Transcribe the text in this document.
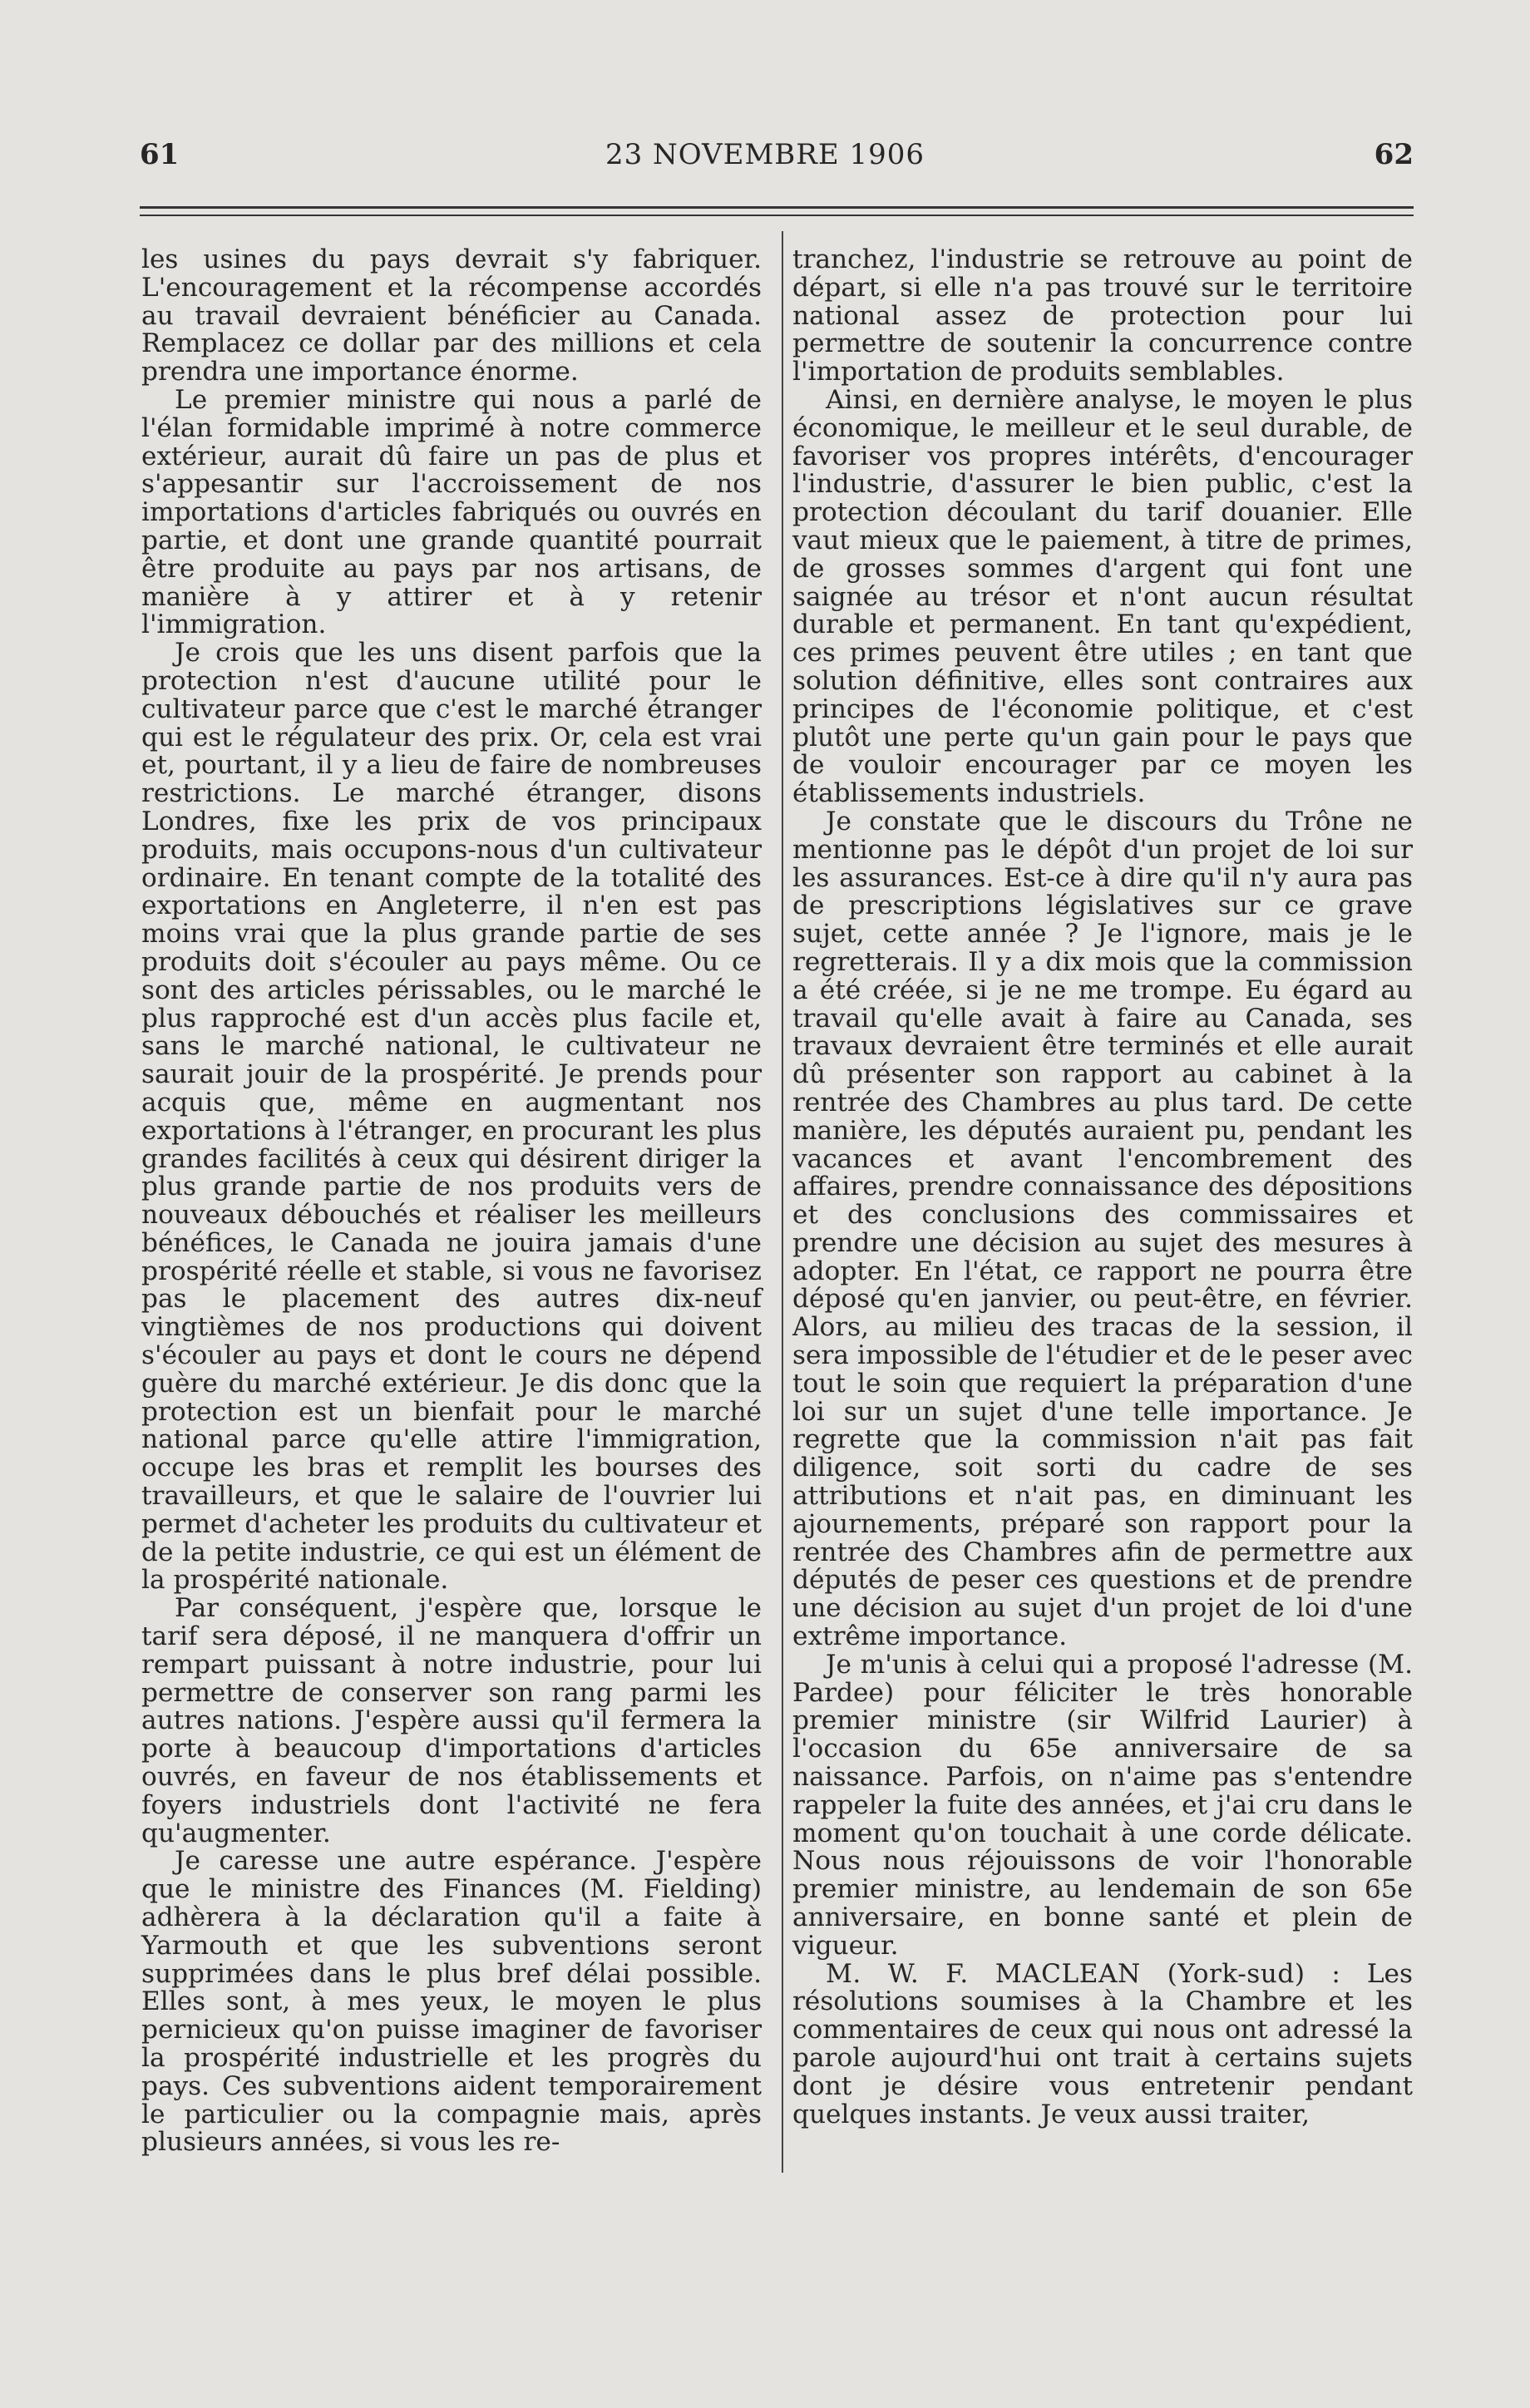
61	23 NOVEMBRE 1906	62

les usines du pays devrait s'y fabriquer. L'encouragement et la récompense accordés au travail devraient bénéficier au Canada. Remplacez ce dollar par des millions et cela prendra une importance énorme.

Le premier ministre qui nous a parlé de l'élan formidable imprimé à notre commerce extérieur, aurait dû faire un pas de plus et s'appesantir sur l'accroissement de nos importations d'articles fabriqués ou ouvrés en partie, et dont une grande quantité pourrait être produite au pays par nos artisans, de manière à y attirer et à y retenir l'immigration.

Je crois que les uns disent parfois que la protection n'est d'aucune utilité pour le cultivateur parce que c'est le marché étranger qui est le régulateur des prix. Or, cela est vrai et, pourtant, il y a lieu de faire de nombreuses restrictions. Le marché étranger, disons Londres, fixe les prix de vos principaux produits, mais occupons-nous d'un cultivateur ordinaire. En tenant compte de la totalité des exportations en Angleterre, il n'en est pas moins vrai que la plus grande partie de ses produits doit s'écouler au pays même. Ou ce sont des articles périssables, ou le marché le plus rapproché est d'un accès plus facile et, sans le marché national, le cultivateur ne saurait jouir de la prospérité. Je prends pour acquis que, même en augmentant nos exportations à l'étranger, en procurant les plus grandes facilités à ceux qui désirent diriger la plus grande partie de nos produits vers de nouveaux débouchés et réaliser les meilleurs bénéfices, le Canada ne jouira jamais d'une prospérité réelle et stable, si vous ne favorisez pas le placement des autres dix-neuf vingtièmes de nos productions qui doivent s'écouler au pays et dont le cours ne dépend guère du marché extérieur. Je dis donc que la protection est un bienfait pour le marché national parce qu'elle attire l'immigration, occupe les bras et remplit les bourses des travailleurs, et que le salaire de l'ouvrier lui permet d'acheter les produits du cultivateur et de la petite industrie, ce qui est un élément de la prospérité nationale.

Par conséquent, j'espère que, lorsque le tarif sera déposé, il ne manquera d'offrir un rempart puissant à notre industrie, pour lui permettre de conserver son rang parmi les autres nations. J'espère aussi qu'il fermera la porte à beaucoup d'importations d'articles ouvrés, en faveur de nos établissements et foyers industriels dont l'activité ne fera qu'augmenter.

Je caresse une autre espérance. J'espère que le ministre des Finances (M. Fielding) adhèrera à la déclaration qu'il a faite à Yarmouth et que les subventions seront supprimées dans le plus bref délai possible. Elles sont, à mes yeux, le moyen le plus pernicieux qu'on puisse imaginer de favoriser la prospérité industrielle et les progrès du pays. Ces subventions aident temporairement le particulier ou la compagnie mais, après plusieurs années, si vous les re-

tranchez, l'industrie se retrouve au point de départ, si elle n'a pas trouvé sur le territoire national assez de protection pour lui permettre de soutenir la concurrence contre l'importation de produits semblables.

Ainsi, en dernière analyse, le moyen le plus économique, le meilleur et le seul durable, de favoriser vos propres intérêts, d'encourager l'industrie, d'assurer le bien public, c'est la protection découlant du tarif douanier. Elle vaut mieux que le paiement, à titre de primes, de grosses sommes d'argent qui font une saignée au trésor et n'ont aucun résultat durable et permanent. En tant qu'expédient, ces primes peuvent être utiles ; en tant que solution définitive, elles sont contraires aux principes de l'économie politique, et c'est plutôt une perte qu'un gain pour le pays que de vouloir encourager par ce moyen les établissements industriels.

Je constate que le discours du Trône ne mentionne pas le dépôt d'un projet de loi sur les assurances. Est-ce à dire qu'il n'y aura pas de prescriptions législatives sur ce grave sujet, cette année ? Je l'ignore, mais je le regretterais. Il y a dix mois que la commission a été créée, si je ne me trompe. Eu égard au travail qu'elle avait à faire au Canada, ses travaux devraient être terminés et elle aurait dû présenter son rapport au cabinet à la rentrée des Chambres au plus tard. De cette manière, les députés auraient pu, pendant les vacances et avant l'encombrement des affaires, prendre connaissance des dépositions et des conclusions des commissaires et prendre une décision au sujet des mesures à adopter. En l'état, ce rapport ne pourra être déposé qu'en janvier, ou peut-être, en février. Alors, au milieu des tracas de la session, il sera impossible de l'étudier et de le peser avec tout le soin que requiert la préparation d'une loi sur un sujet d'une telle importance. Je regrette que la commission n'ait pas fait diligence, soit sorti du cadre de ses attributions et n'ait pas, en diminuant les ajournements, préparé son rapport pour la rentrée des Chambres afin de permettre aux députés de peser ces questions et de prendre une décision au sujet d'un projet de loi d'une extrême importance.

Je m'unis à celui qui a proposé l'adresse (M. Pardee) pour féliciter le très honorable premier ministre (sir Wilfrid Laurier) à l'occasion du 65e anniversaire de sa naissance. Parfois, on n'aime pas s'entendre rappeler la fuite des années, et j'ai cru dans le moment qu'on touchait à une corde délicate. Nous nous réjouissons de voir l'honorable premier ministre, au lendemain de son 65e anniversaire, en bonne santé et plein de vigueur.

M. W. F. MACLEAN (York-sud) : Les résolutions soumises à la Chambre et les commentaires de ceux qui nous ont adressé la parole aujourd'hui ont trait à certains sujets dont je désire vous entretenir pendant quelques instants. Je veux aussi traiter,
